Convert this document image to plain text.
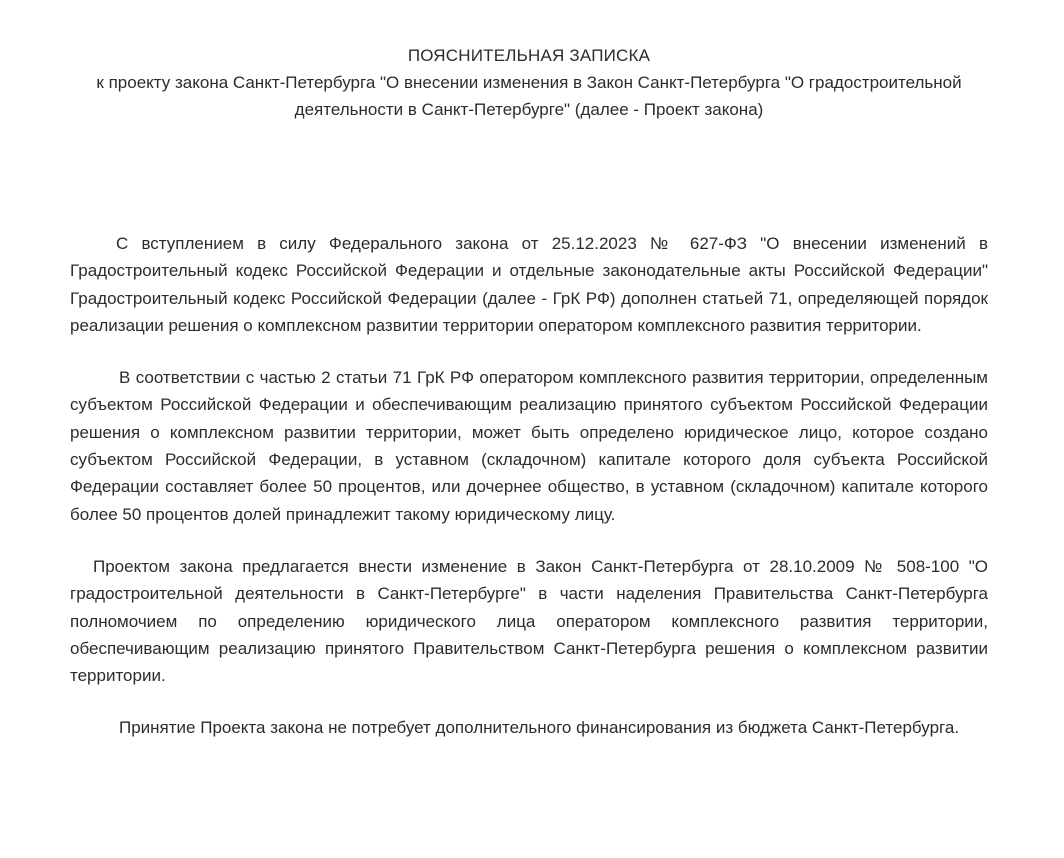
ПОЯСНИТЕЛЬНАЯ ЗАПИСКА
к проекту закона Санкт-Петербурга "О внесении изменения в Закон Санкт-Петербурга "О градостроительной деятельности в Санкт-Петербурге" (далее - Проект закона)

С вступлением в силу Федерального закона от 25.12.2023 № 627-ФЗ "О внесении изменений в Градостроительный кодекс Российской Федерации и отдельные законодательные акты Российской Федерации" Градостроительный кодекс Российской Федерации (далее - ГрК РФ) дополнен статьей 71, определяющей порядок реализации решения о комплексном развитии территории оператором комплексного развития территории.

В соответствии с частью 2 статьи 71 ГрК РФ оператором комплексного развития территории, определенным субъектом Российской Федерации и обеспечивающим реализацию принятого субъектом Российской Федерации решения о комплексном развитии территории, может быть определено юридическое лицо, которое создано субъектом Российской Федерации, в уставном (складочном) капитале которого доля субъекта Российской Федерации составляет более 50 процентов, или дочернее общество, в уставном (складочном) капитале которого более 50 процентов долей принадлежит такому юридическому лицу.

Проектом закона предлагается внести изменение в Закон Санкт-Петербурга от 28.10.2009 № 508-100 "О градостроительной деятельности в Санкт-Петербурге" в части наделения Правительства Санкт-Петербурга полномочием по определению юридического лица оператором комплексного развития территории, обеспечивающим реализацию принятого Правительством Санкт-Петербурга решения о комплексном развитии территории.

Принятие Проекта закона не потребует дополнительного финансирования из бюджета Санкт-Петербурга.
